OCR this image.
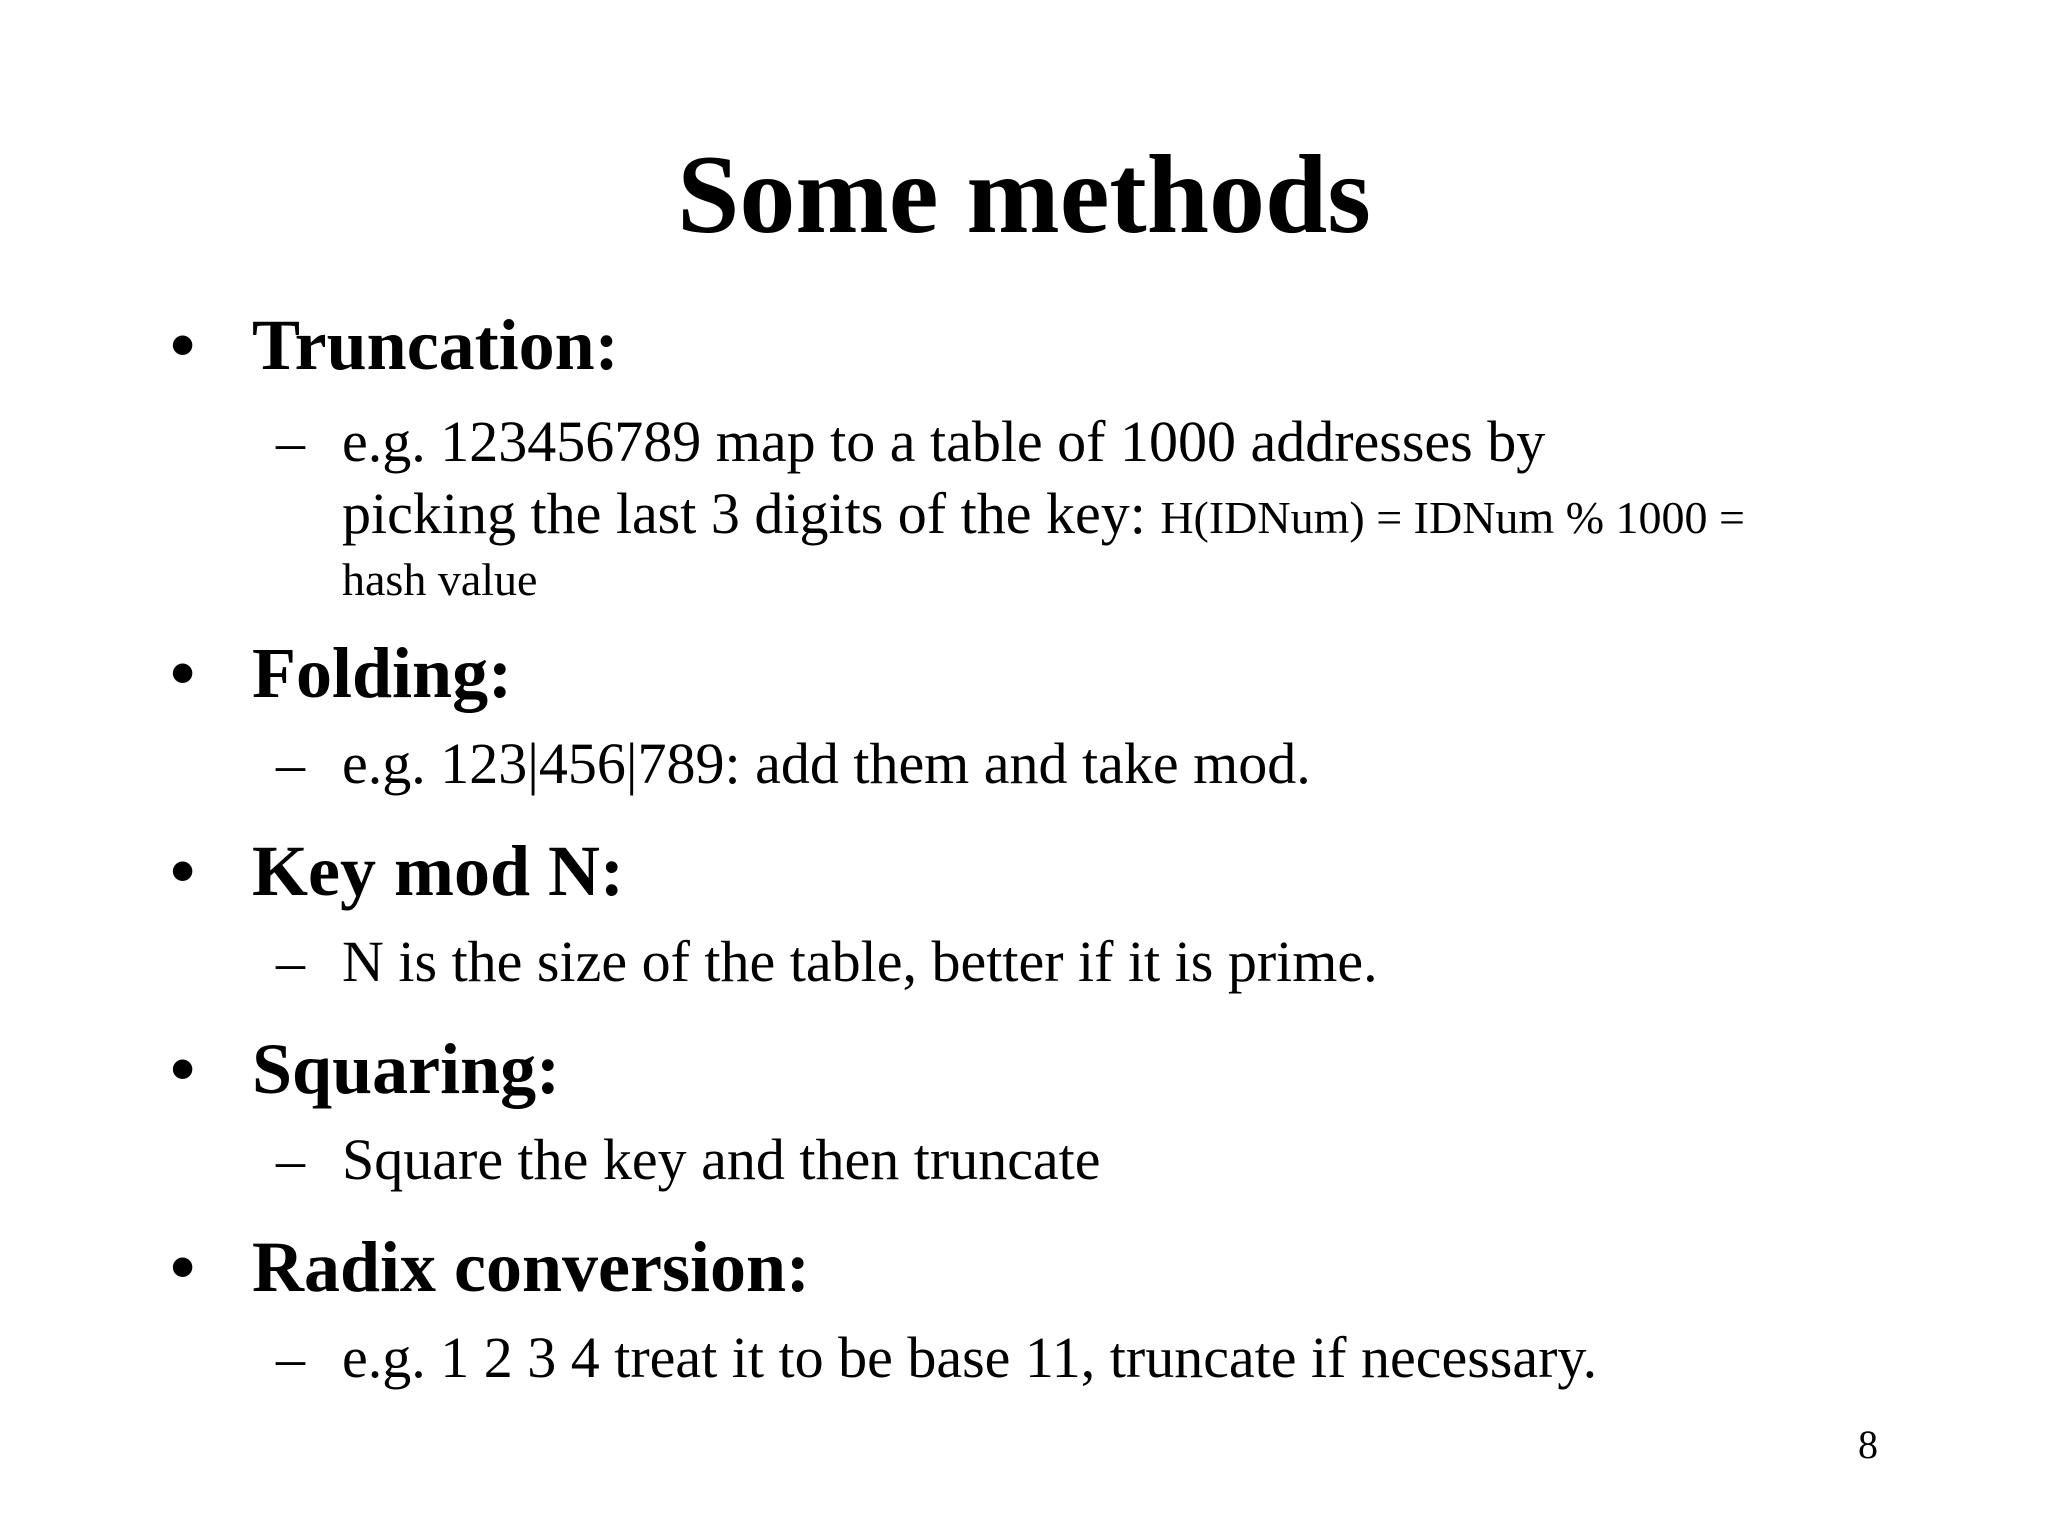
Some methods
• Truncation:
– e.g. 123456789 map to a table of 1000 addresses by
picking the last 3 digits of the key: H(IDNum) = IDNum % 1000 =
hash value
• Folding:
– e.g. 123|456|789: add them and take mod.
• Key mod N:
– N is the size of the table, better if it is prime.
• Squaring:
– Square the key and then truncate
• Radix conversion:
– e.g. 1 2 3 4 treat it to be base 11, truncate if necessary.
8
